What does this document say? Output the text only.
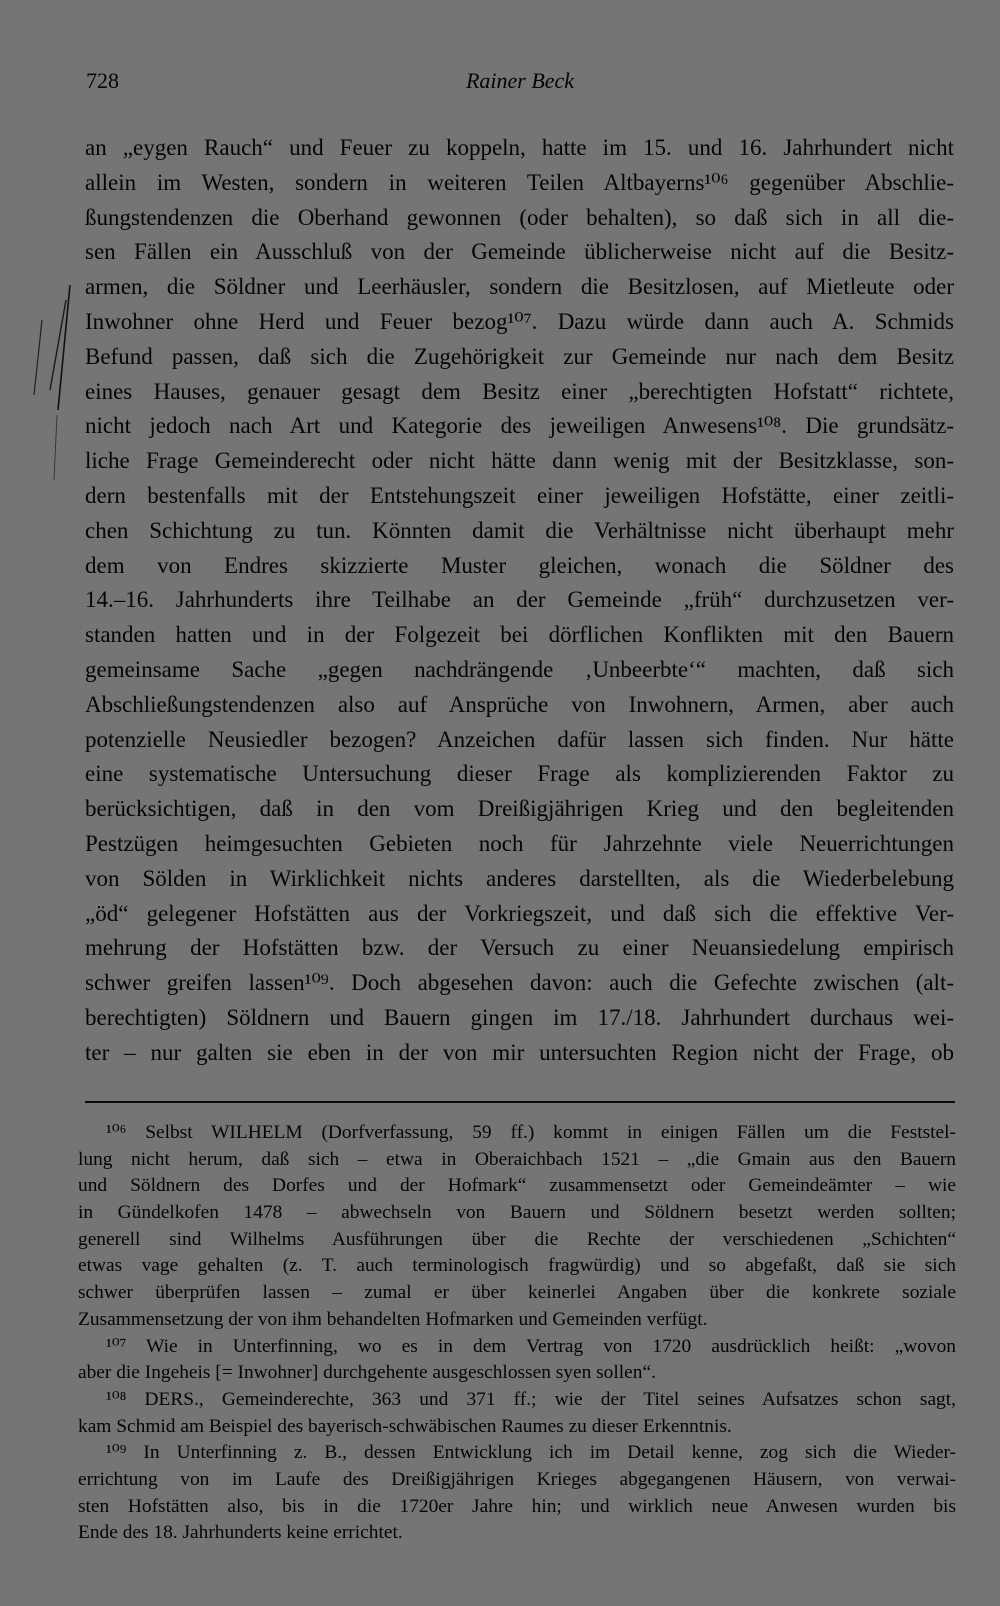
728	Rainer Beck
an „eygen Rauch“ und Feuer zu koppeln, hatte im 15. und 16. Jahrhundert nicht
allein im Westen, sondern in weiteren Teilen Altbayerns¹⁰⁶ gegenüber Abschlie-
ßungstendenzen die Oberhand gewonnen (oder behalten), so daß sich in all die-
sen Fällen ein Ausschluß von der Gemeinde üblicherweise nicht auf die Besitz-
armen, die Söldner und Leerhäusler, sondern die Besitzlosen, auf Mietleute oder
Inwohner ohne Herd und Feuer bezog¹⁰⁷. Dazu würde dann auch A. Schmids
Befund passen, daß sich die Zugehörigkeit zur Gemeinde nur nach dem Besitz
eines Hauses, genauer gesagt dem Besitz einer „berechtigten Hofstatt“ richtete,
nicht jedoch nach Art und Kategorie des jeweiligen Anwesens¹⁰⁸. Die grundsätz-
liche Frage Gemeinderecht oder nicht hätte dann wenig mit der Besitzklasse, son-
dern bestenfalls mit der Entstehungszeit einer jeweiligen Hofstätte, einer zeitli-
chen Schichtung zu tun. Könnten damit die Verhältnisse nicht überhaupt mehr
dem von Endres skizzierte Muster gleichen, wonach die Söldner des
14.–16. Jahrhunderts ihre Teilhabe an der Gemeinde „früh“ durchzusetzen ver-
standen hatten und in der Folgezeit bei dörflichen Konflikten mit den Bauern
gemeinsame Sache „gegen nachdrängende ‚Unbeerbte‘“ machten, daß sich
Abschließungstendenzen also auf Ansprüche von Inwohnern, Armen, aber auch
potenzielle Neusiedler bezogen? Anzeichen dafür lassen sich finden. Nur hätte
eine systematische Untersuchung dieser Frage als komplizierenden Faktor zu
berücksichtigen, daß in den vom Dreißigjährigen Krieg und den begleitenden
Pestzügen heimgesuchten Gebieten noch für Jahrzehnte viele Neuerrichtungen
von Sölden in Wirklichkeit nichts anderes darstellten, als die Wiederbelebung
„öd“ gelegener Hofstätten aus der Vorkriegszeit, und daß sich die effektive Ver-
mehrung der Hofstätten bzw. der Versuch zu einer Neuansiedelung empirisch
schwer greifen lassen¹⁰⁹. Doch abgesehen davon: auch die Gefechte zwischen (alt-
berechtigten) Söldnern und Bauern gingen im 17./18. Jahrhundert durchaus wei-
ter – nur galten sie eben in der von mir untersuchten Region nicht der Frage, ob
¹⁰⁶ Selbst WILHELM (Dorfverfassung, 59 ff.) kommt in einigen Fällen um die Feststel-
lung nicht herum, daß sich – etwa in Oberaichbach 1521 – „die Gmain aus den Bauern
und Söldnern des Dorfes und der Hofmark“ zusammensetzt oder Gemeindeämter – wie
in Gündelkofen 1478 – abwechseln von Bauern und Söldnern besetzt werden sollten;
generell sind Wilhelms Ausführungen über die Rechte der verschiedenen „Schichten“
etwas vage gehalten (z. T. auch terminologisch fragwürdig) und so abgefaßt, daß sie sich
schwer überprüfen lassen – zumal er über keinerlei Angaben über die konkrete soziale
Zusammensetzung der von ihm behandelten Hofmarken und Gemeinden verfügt.
¹⁰⁷ Wie in Unterfinning, wo es in dem Vertrag von 1720 ausdrücklich heißt: „wovon
aber die Ingeheis [= Inwohner] durchgehente ausgeschlossen syen sollen“.
¹⁰⁸ DERS., Gemeinderechte, 363 und 371 ff.; wie der Titel seines Aufsatzes schon sagt,
kam Schmid am Beispiel des bayerisch-schwäbischen Raumes zu dieser Erkenntnis.
¹⁰⁹ In Unterfinning z. B., dessen Entwicklung ich im Detail kenne, zog sich die Wieder-
errichtung von im Laufe des Dreißigjährigen Krieges abgegangenen Häusern, von verwai-
sten Hofstätten also, bis in die 1720er Jahre hin; und wirklich neue Anwesen wurden bis
Ende des 18. Jahrhunderts keine errichtet.
